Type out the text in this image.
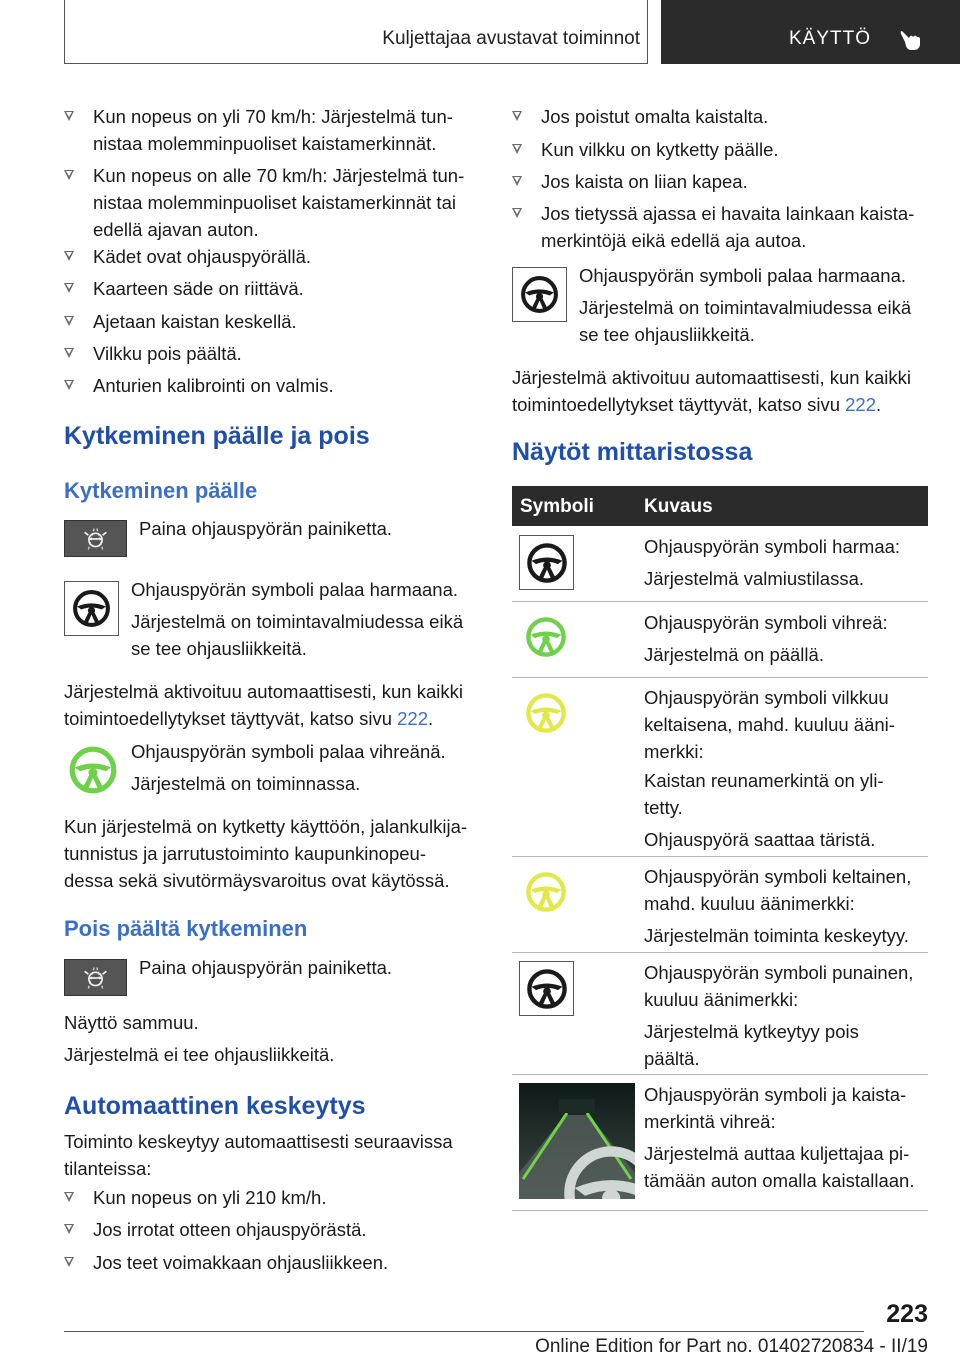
Kuljettajaa avustavat toiminnot	KÄYTTÖ
Kun nopeus on yli 70 km/h: Järjestelmä tun-
nistaa molemminpuoliset kaistamerkinnät.
Kun nopeus on alle 70 km/h: Järjestelmä tun-
nistaa molemminpuoliset kaistamerkinnät tai
edellä ajavan auton.
Kädet ovat ohjauspyörällä.
Kaarteen säde on riittävä.
Ajetaan kaistan keskellä.
Vilkku pois päältä.
Anturien kalibrointi on valmis.
Kytkeminen päälle ja pois
Kytkeminen päälle
Paina ohjauspyörän painiketta.
Ohjauspyörän symboli palaa harmaana.
Järjestelmä on toimintavalmiudessa eikä
se tee ohjausliikkeitä.
Järjestelmä aktivoituu automaattisesti, kun kaikki
toimintoedellytykset täyttyvät, katso sivu 222.
Ohjauspyörän symboli palaa vihreänä.
Järjestelmä on toiminnassa.
Kun järjestelmä on kytketty käyttöön, jalankulkija-
tunnistus ja jarrutustoiminto kaupunkinopeu-
dessa sekä sivutörmäysvaroitus ovat käytössä.
Pois päältä kytkeminen
Paina ohjauspyörän painiketta.
Näyttö sammuu.
Järjestelmä ei tee ohjausliikkeitä.
Automaattinen keskeytys
Toiminto keskeytyy automaattisesti seuraavissa
tilanteissa:
Kun nopeus on yli 210 km/h.
Jos irrotat otteen ohjauspyörästä.
Jos teet voimakkaan ohjausliikkeen.
Jos poistut omalta kaistalta.
Kun vilkku on kytketty päälle.
Jos kaista on liian kapea.
Jos tietyssä ajassa ei havaita lainkaan kaista-
merkintöjä eikä edellä aja autoa.
Ohjauspyörän symboli palaa harmaana.
Järjestelmä on toimintavalmiudessa eikä
se tee ohjausliikkeitä.
Järjestelmä aktivoituu automaattisesti, kun kaikki
toimintoedellytykset täyttyvät, katso sivu 222.
Näytöt mittaristossa
Symboli	Kuvaus
Ohjauspyörän symboli harmaa:
Järjestelmä valmiustilassa.
Ohjauspyörän symboli vihreä:
Järjestelmä on päällä.
Ohjauspyörän symboli vilkkuu
keltaisena, mahd. kuuluu ääni-
merkki:
Kaistan reunamerkintä on yli-
tetty.
Ohjauspyörä saattaa täristä.
Ohjauspyörän symboli keltainen,
mahd. kuuluu äänimerkki:
Järjestelmän toiminta keskeytyy.
Ohjauspyörän symboli punainen,
kuuluu äänimerkki:
Järjestelmä kytkeytyy pois
päältä.
Ohjauspyörän symboli ja kaista-
merkintä vihreä:
Järjestelmä auttaa kuljettajaa pi-
tämään auton omalla kaistallaan.
223
Online Edition for Part no. 01402720834 - II/19
